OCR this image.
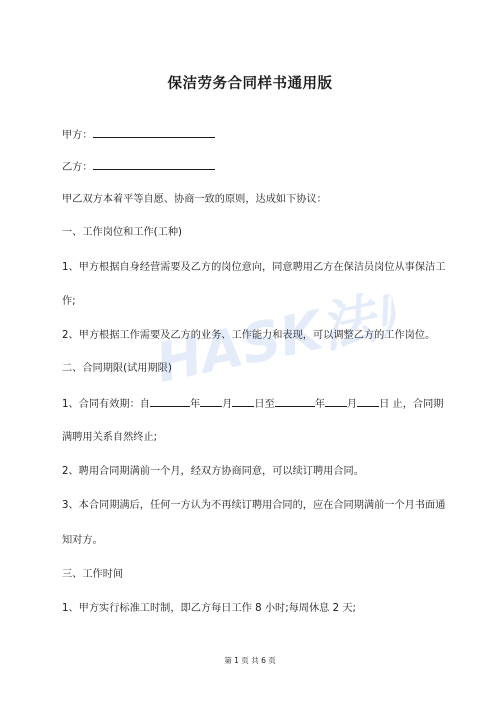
保洁劳务合同样书通用版
甲方：
乙方：
甲乙双方本着平等自愿、协商一致的原则，达成如下协议：
一、工作岗位和工作(工种)
1、甲方根据自身经营需要及乙方的岗位意向，同意聘用乙方在保洁员岗位从事保洁工
作;
2、甲方根据工作需要及乙方的业务、工作能力和表现，可以调整乙方的工作岗位。
二、合同期限(试用期限)
1、合同有效期：自	年 月 日至	年 月 日 止，合同期
满聘用关系自然终止;
2、聘用合同期满前一个月，经双方协商同意，可以续订聘用合同。
3、本合同期满后，任何一方认为不再续订聘用合同的，应在合同期满前一个月书面通
知对方。
三、工作时间
1、甲方实行标准工时制，即乙方每日工作 8 小时;每周休息 2 天;
第 1 页 共 6 页
HASK法师兄
